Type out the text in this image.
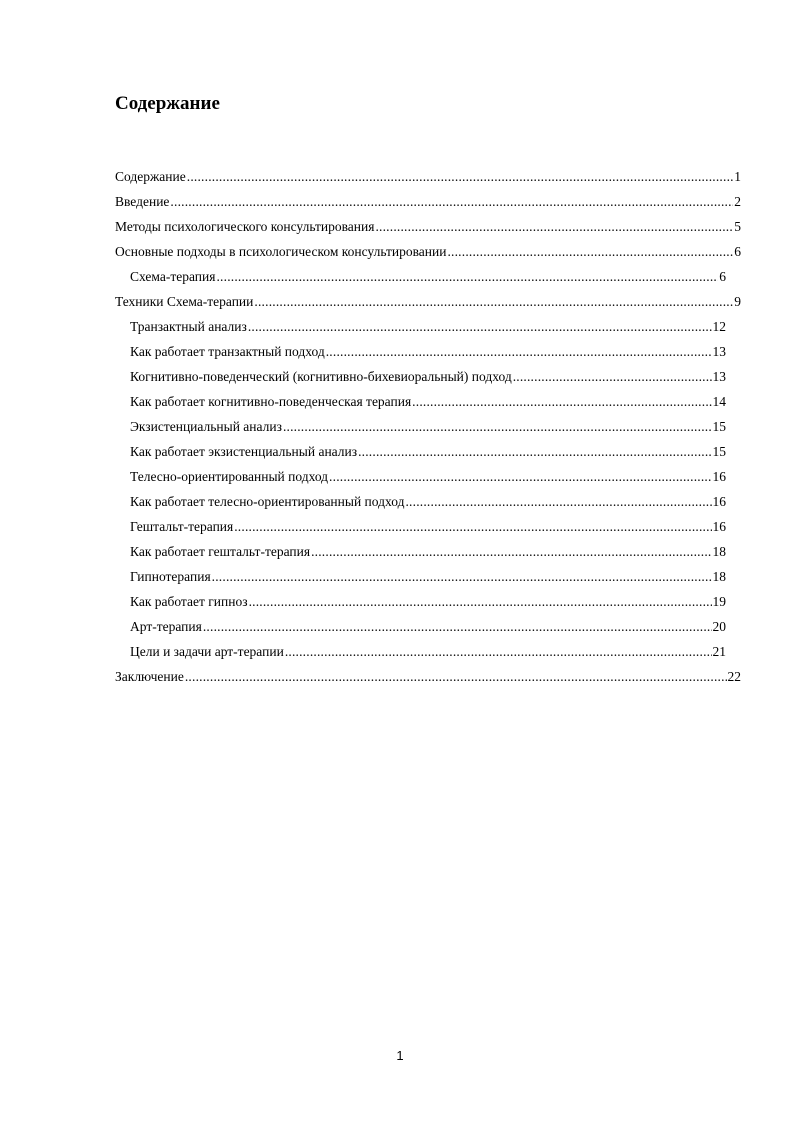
Содержание
Содержание .....	1
Введение .....	2
Методы психологического консультирования .....	5
Основные подходы в психологическом консультировании .....	6
Схема-терапия .....	6
Техники Схема-терапии .....	9
Транзактный анализ .....	12
Как работает транзактный подход .....	13
Когнитивно-поведенческий (когнитивно-бихевиоральный) подход .....	13
Как работает когнитивно-поведенческая терапия .....	14
Экзистенциальный анализ .....	15
Как работает экзистенциальный анализ .....	15
Телесно-ориентированный подход .....	16
Как работает телесно-ориентированный подход .....	16
Гештальт-терапия .....	16
Как работает гештальт-терапия .....	18
Гипнотерапия .....	18
Как работает гипноз .....	19
Арт-терапия .....	20
Цели и задачи арт-терапии .....	21
Заключение .....	22
1
